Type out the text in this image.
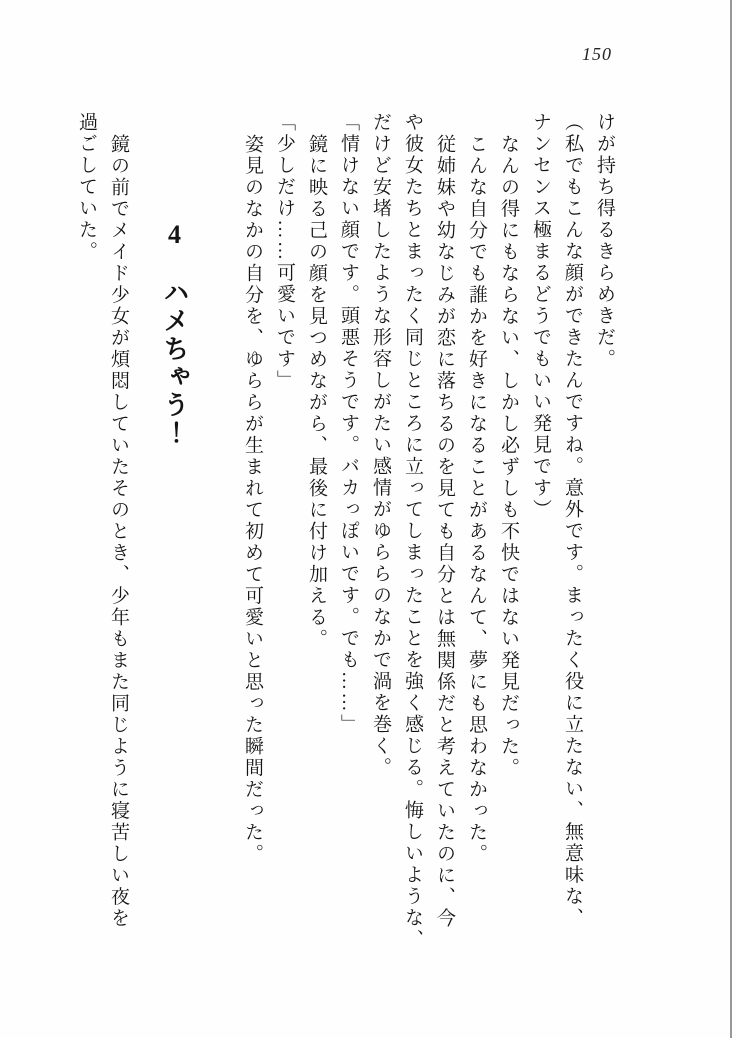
150
けが持ち得るきらめきだ。
（私でもこんな顔ができたんですね。意外です。まったく役に立たない、無意味な、
ナンセンス極まるどうでもいい発見です）
なんの得にもならない、しかし必ずしも不快ではない発見だった。
こんな自分でも誰かを好きになることがあるなんて、夢にも思わなかった。
従姉妹や幼なじみが恋に落ちるのを見ても自分とは無関係だと考えていたのに、今
や彼女たちとまったく同じところに立ってしまったことを強く感じる。悔しいような、
だけど安堵したような形容しがたい感情がゆららのなかで渦を巻く。
「情けない顔です。頭悪そうです。バカっぽいです。でも……」
鏡に映る己の顔を見つめながら、最後に付け加える。
「少しだけ……可愛いです」
姿見のなかの自分を、ゆららが生まれて初めて可愛いと思った瞬間だった。
4　ハメちゃう！
鏡の前でメイド少女が煩悶していたそのとき、少年もまた同じように寝苦しい夜を
過ごしていた。
